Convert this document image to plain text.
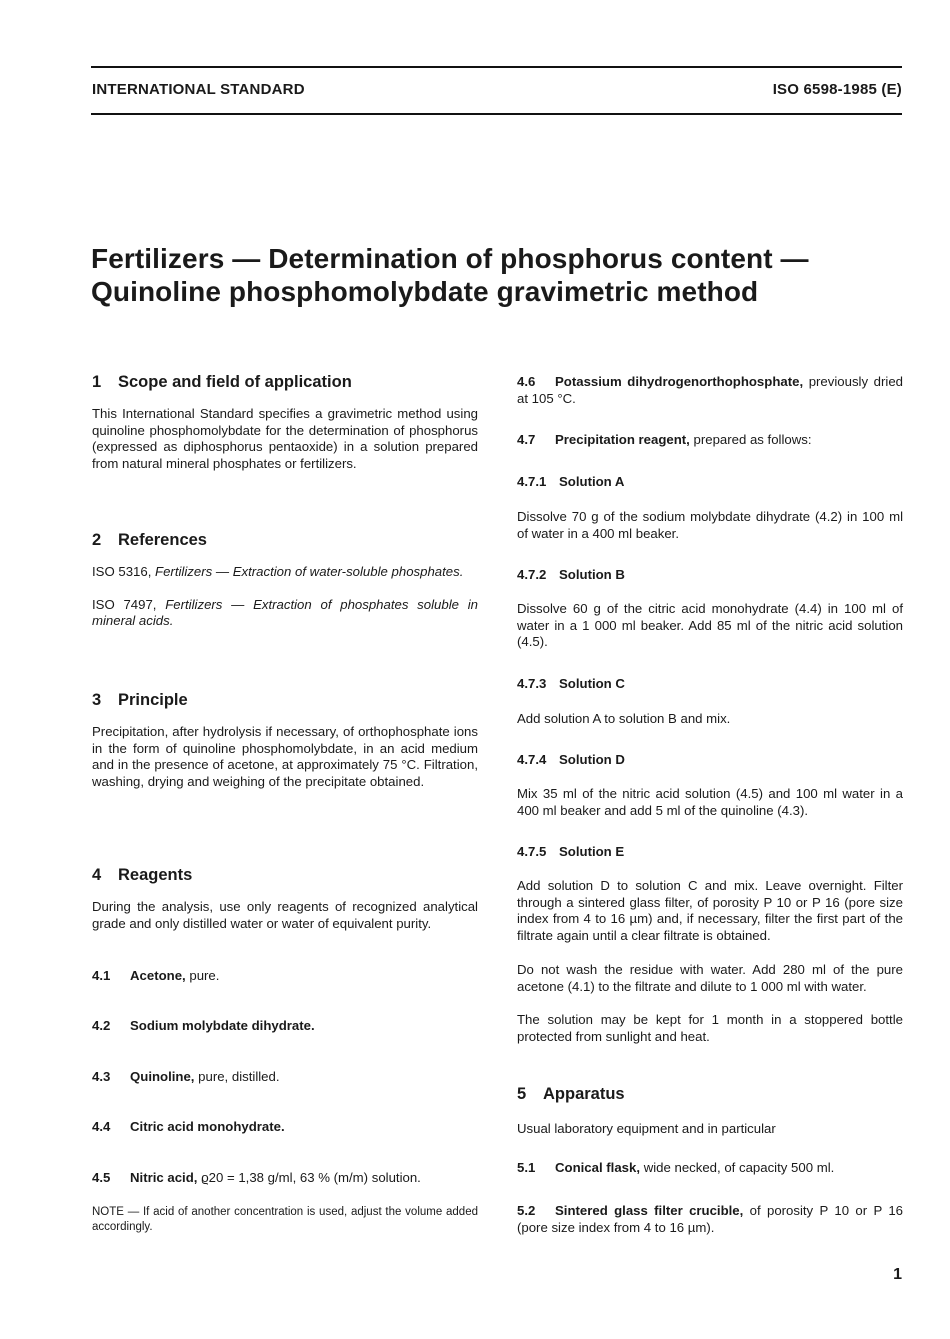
INTERNATIONAL STANDARD	ISO 6598-1985 (E)
Fertilizers — Determination of phosphorus content —
Quinoline phosphomolybdate gravimetric method

1 Scope and field of application

This International Standard specifies a gravimetric method using quinoline phosphomolybdate for the determination of phosphorus (expressed as diphosphorus pentaoxide) in a solution prepared from natural mineral phosphates or fertilizers.

2 References

ISO 5316, Fertilizers — Extraction of water-soluble phosphates.

ISO 7497, Fertilizers — Extraction of phosphates soluble in mineral acids.

3 Principle

Precipitation, after hydrolysis if necessary, of orthophosphate ions in the form of quinoline phosphomolybdate, in an acid medium and in the presence of acetone, at approximately 75 °C. Filtration, washing, drying and weighing of the precipitate obtained.

4 Reagents

During the analysis, use only reagents of recognized analytical grade and only distilled water or water of equivalent purity.

4.1 Acetone, pure.

4.2 Sodium molybdate dihydrate.

4.3 Quinoline, pure, distilled.

4.4 Citric acid monohydrate.

4.5 Nitric acid, ϱ20 = 1,38 g/ml, 63 % (m/m) solution.

NOTE — If acid of another concentration is used, adjust the volume added accordingly.

4.6 Potassium dihydrogenorthophosphate, previously dried at 105 °C.

4.7 Precipitation reagent, prepared as follows:

4.7.1 Solution A

Dissolve 70 g of the sodium molybdate dihydrate (4.2) in 100 ml of water in a 400 ml beaker.

4.7.2 Solution B

Dissolve 60 g of the citric acid monohydrate (4.4) in 100 ml of water in a 1 000 ml beaker. Add 85 ml of the nitric acid solution (4.5).

4.7.3 Solution C

Add solution A to solution B and mix.

4.7.4 Solution D

Mix 35 ml of the nitric acid solution (4.5) and 100 ml water in a 400 ml beaker and add 5 ml of the quinoline (4.3).

4.7.5 Solution E

Add solution D to solution C and mix. Leave overnight. Filter through a sintered glass filter, of porosity P 10 or P 16 (pore size index from 4 to 16 µm) and, if necessary, filter the first part of the filtrate again until a clear filtrate is obtained.

Do not wash the residue with water. Add 280 ml of the pure acetone (4.1) to the filtrate and dilute to 1 000 ml with water.

The solution may be kept for 1 month in a stoppered bottle protected from sunlight and heat.

5 Apparatus

Usual laboratory equipment and in particular

5.1 Conical flask, wide necked, of capacity 500 ml.

5.2 Sintered glass filter crucible, of porosity P 10 or P 16 (pore size index from 4 to 16 µm).

1
